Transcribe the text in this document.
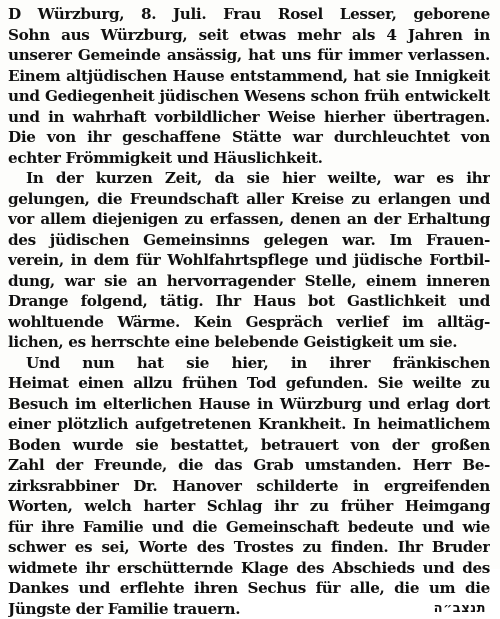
D Würzburg, 8. Juli. Frau Rosel Lesser, geborene
Sohn aus Würzburg, seit etwas mehr als 4 Jahren in
unserer Gemeinde ansässig, hat uns für immer verlassen.
Einem altjüdischen Hause entstammend, hat sie Innigkeit
und Gediegenheit jüdischen Wesens schon früh entwickelt
und in wahrhaft vorbildlicher Weise hierher übertragen.
Die von ihr geschaffene Stätte war durchleuchtet von
echter Frömmigkeit und Häuslichkeit.
In der kurzen Zeit, da sie hier weilte, war es ihr
gelungen, die Freundschaft aller Kreise zu erlangen und
vor allem diejenigen zu erfassen, denen an der Erhaltung
des jüdischen Gemeinsinns gelegen war. Im Frauen-
verein, in dem für Wohlfahrtspflege und jüdische Fortbil-
dung, war sie an hervorragender Stelle, einem inneren
Drange folgend, tätig. Ihr Haus bot Gastlichkeit und
wohltuende Wärme. Kein Gespräch verlief im alltäg-
lichen, es herrschte eine belebende Geistigkeit um sie.
Und nun hat sie hier, in ihrer fränkischen
Heimat einen allzu frühen Tod gefunden. Sie weilte zu
Besuch im elterlichen Hause in Würzburg und erlag dort
einer plötzlich aufgetretenen Krankheit. In heimatlichem
Boden wurde sie bestattet, betrauert von der großen
Zahl der Freunde, die das Grab umstanden. Herr Be-
zirksrabbiner Dr. Hanover schilderte in ergreifenden
Worten, welch harter Schlag ihr zu früher Heimgang
für ihre Familie und die Gemeinschaft bedeute und wie
schwer es sei, Worte des Trostes zu finden. Ihr Bruder
widmete ihr erschütternde Klage des Abschieds und des
Dankes und erflehte ihren Sechus für alle, die um die
Jüngste der Familie trauern.	תנצב״ה
